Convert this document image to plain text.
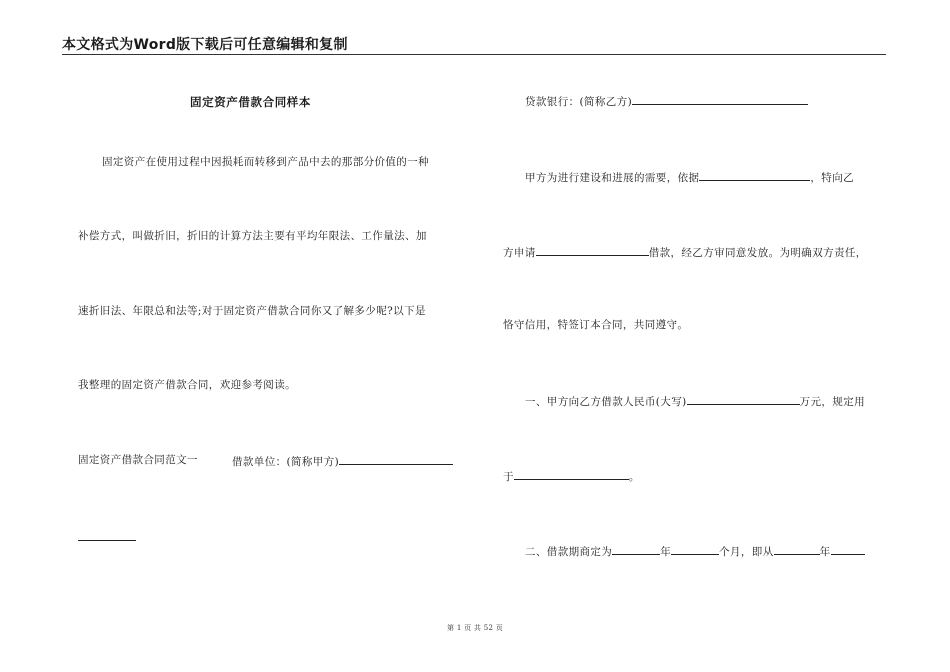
本文格式为Word版下载后可任意编辑和复制
固定资产借款合同样本
固定资产在使用过程中因损耗而转移到产品中去的那部分价值的一种
补偿方式，叫做折旧，折旧的计算方法主要有平均年限法、工作量法、加
速折旧法、年限总和法等;对于固定资产借款合同你又了解多少呢?以下是
我整理的固定资产借款合同，欢迎参考阅读。
固定资产借款合同范文一	借款单位：(简称甲方)
贷款银行：(简称乙方)
甲方为进行建设和进展的需要，依据	，特向乙
方申请	借款，经乙方审同意发放。为明确双方责任，
恪守信用，特签订本合同，共同遵守。
一、甲方向乙方借款人民币(大写)	万元，规定用
于	。
二、借款期商定为	年	个月，即从	年
第 1 页 共 52 页
